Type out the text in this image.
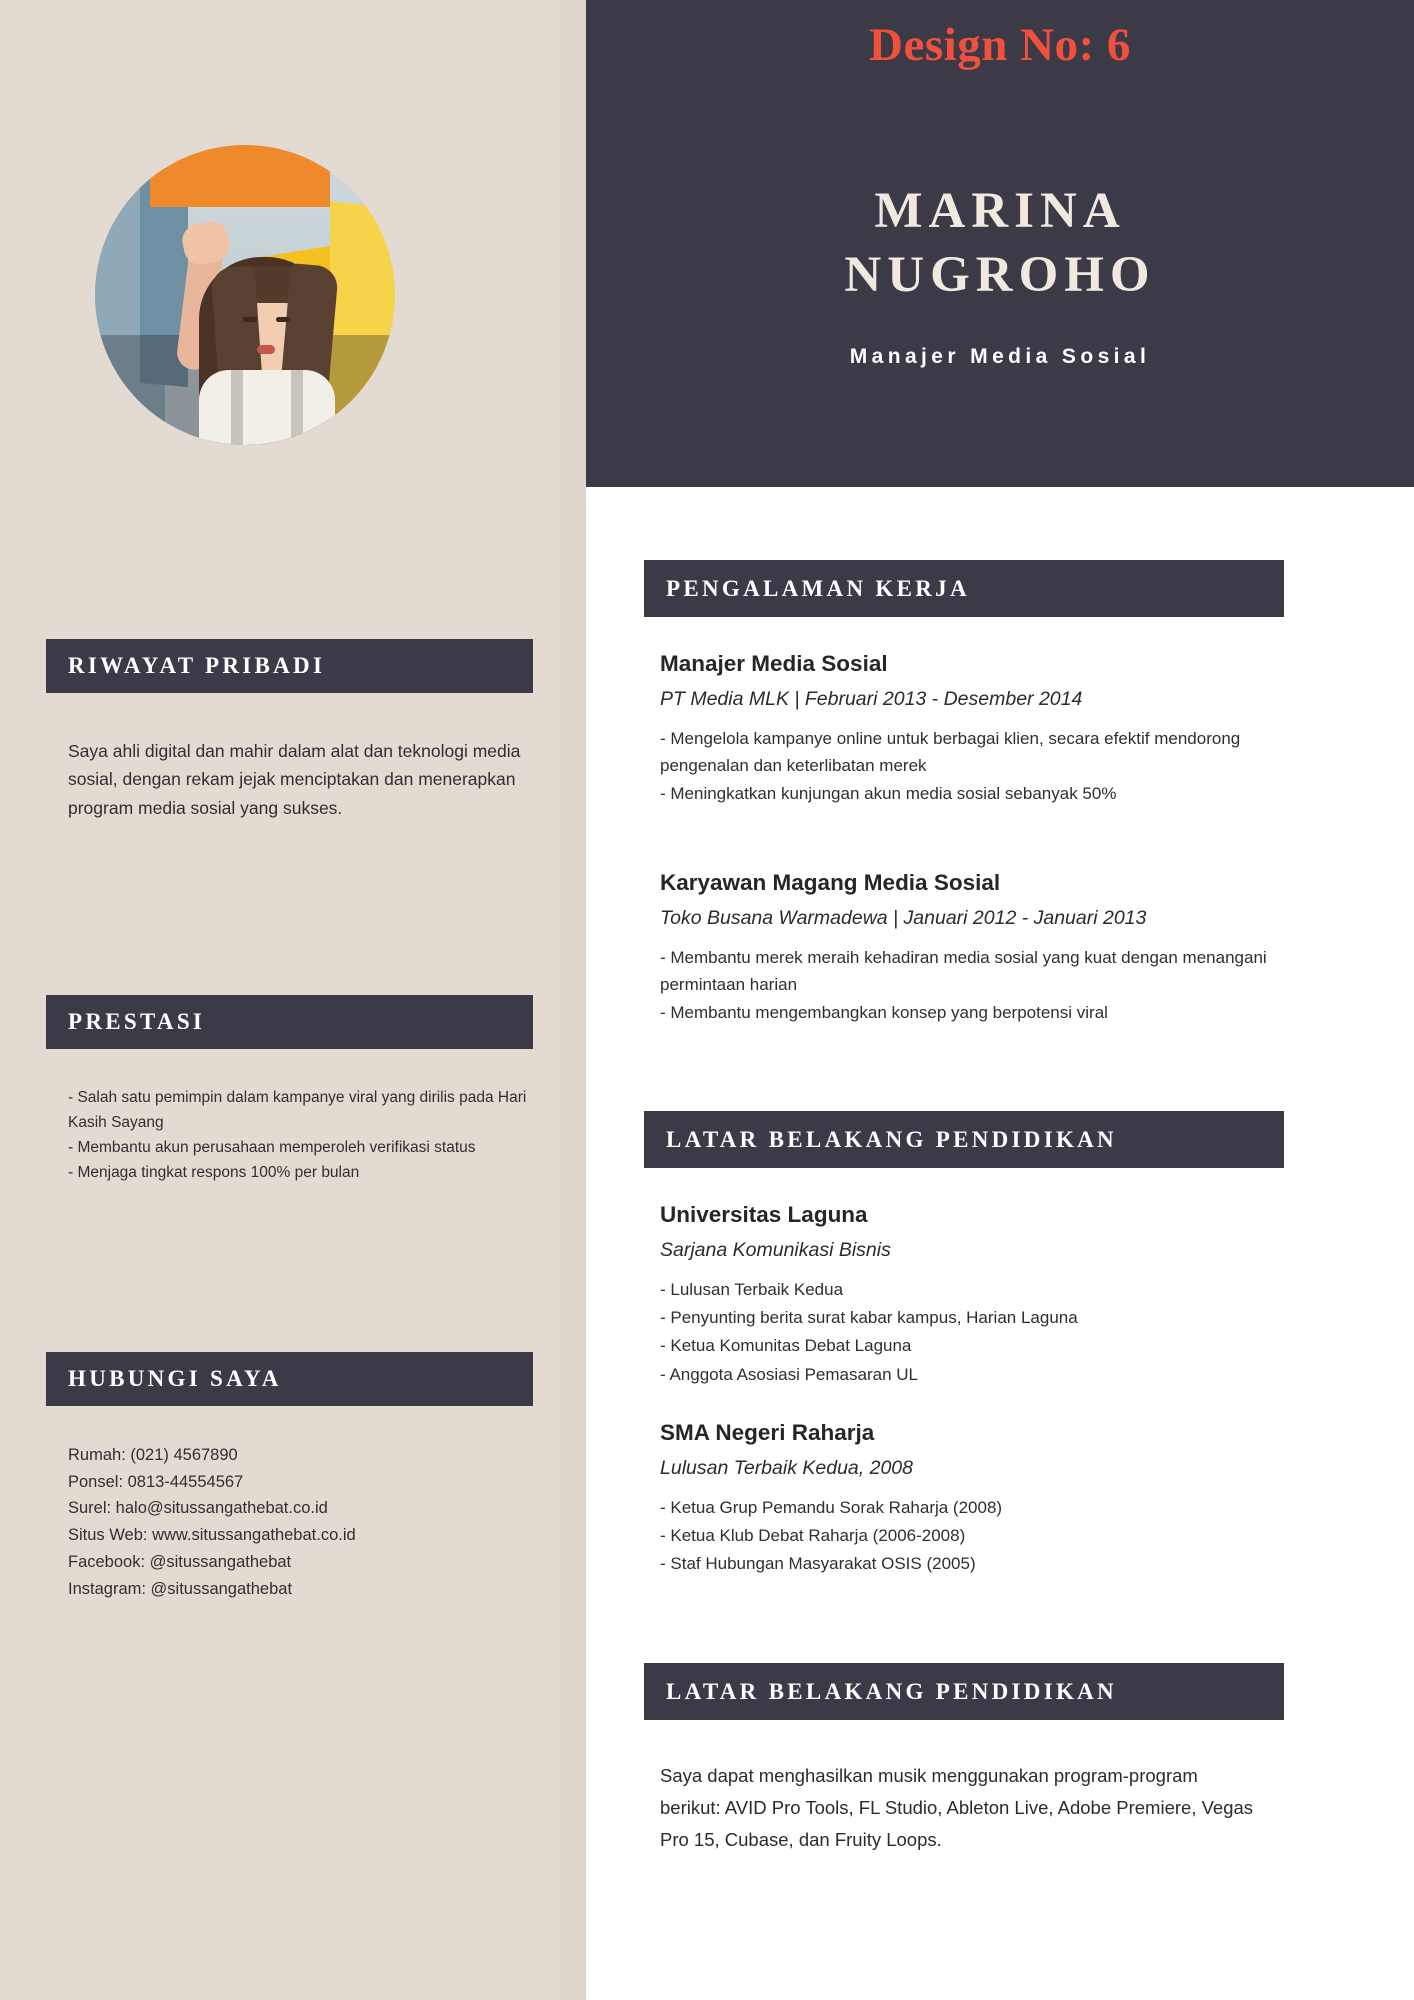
RIWAYAT PRIBADI
Saya ahli digital dan mahir dalam alat dan teknologi media sosial, dengan rekam jejak menciptakan dan menerapkan program media sosial yang sukses.
PRESTASI
- Salah satu pemimpin dalam kampanye viral yang dirilis pada Hari Kasih Sayang
- Membantu akun perusahaan memperoleh verifikasi status
- Menjaga tingkat respons 100% per bulan
HUBUNGI SAYA
Rumah: (021) 4567890
Ponsel: 0813-44554567
Surel: halo@situssangathebat.co.id
Situs Web: www.situssangathebat.co.id
Facebook: @situssangathebat
Instagram: @situssangathebat
Design No: 6
MARINA
NUGROHO
Manajer Media Sosial
PENGALAMAN KERJA
Manajer Media Sosial
PT Media MLK | Februari 2013 - Desember 2014
- Mengelola kampanye online untuk berbagai klien, secara efektif mendorong pengenalan dan keterlibatan merek
- Meningkatkan kunjungan akun media sosial sebanyak 50%
Karyawan Magang Media Sosial
Toko Busana Warmadewa | Januari 2012 - Januari 2013
- Membantu merek meraih kehadiran media sosial yang kuat dengan menangani permintaan harian
- Membantu mengembangkan konsep yang berpotensi viral
LATAR BELAKANG PENDIDIKAN
Universitas Laguna
Sarjana Komunikasi Bisnis
- Lulusan Terbaik Kedua
- Penyunting berita surat kabar kampus, Harian Laguna
- Ketua Komunitas Debat Laguna
- Anggota Asosiasi Pemasaran UL
SMA Negeri Raharja
Lulusan Terbaik Kedua, 2008
- Ketua Grup Pemandu Sorak Raharja (2008)
- Ketua Klub Debat Raharja (2006-2008)
- Staf Hubungan Masyarakat OSIS (2005)
LATAR BELAKANG PENDIDIKAN
Saya dapat menghasilkan musik menggunakan program-program berikut: AVID Pro Tools, FL Studio, Ableton Live, Adobe Premiere, Vegas Pro 15, Cubase, dan Fruity Loops.
